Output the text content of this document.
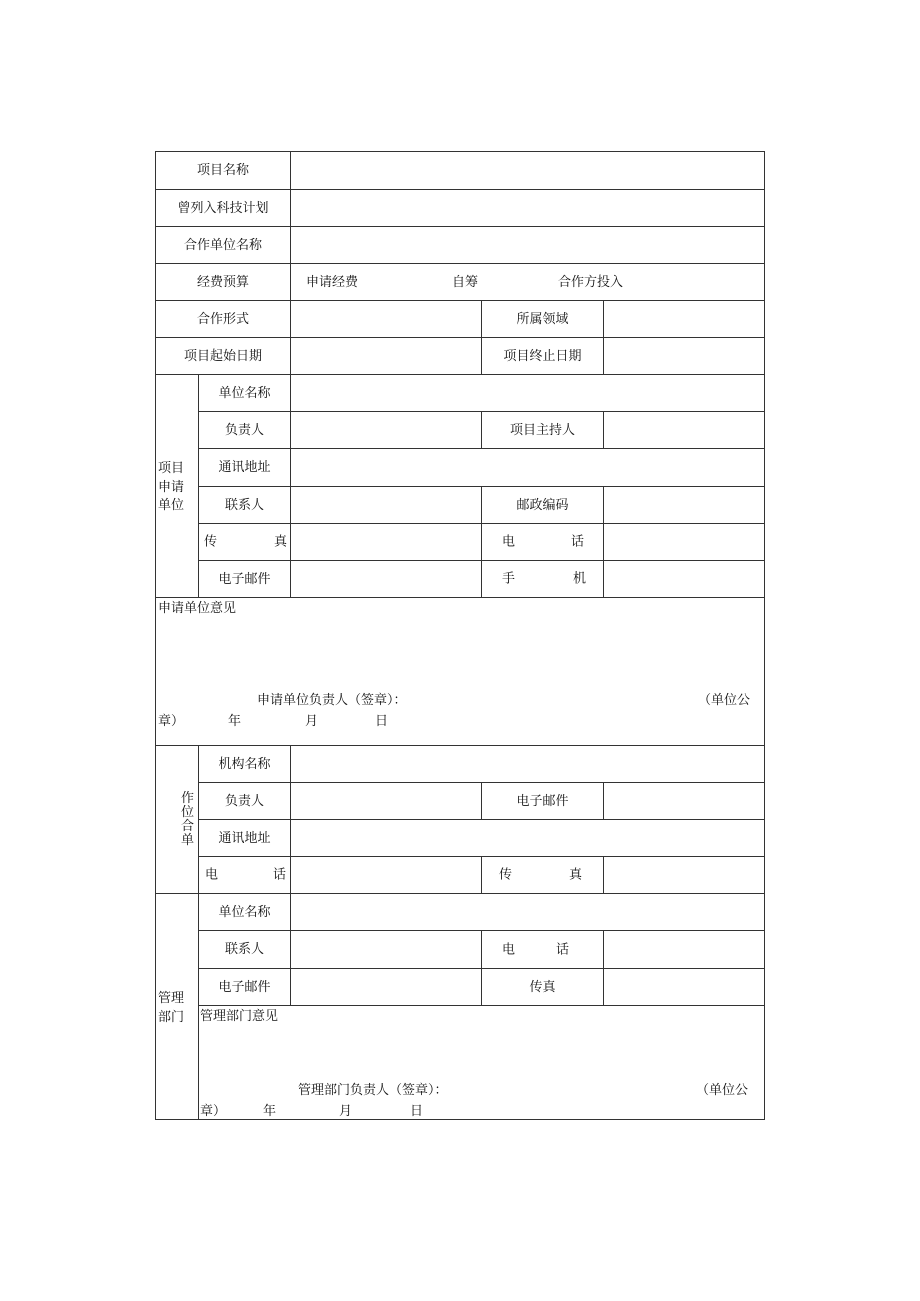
项目名称
曾列入科技计划
合作单位名称
经费预算	申请经费	自筹	合作方投入
合作形式	所属领域
项目起始日期	项目终止日期
项目
申请
单位
单位名称
负责人	项目主持人
通讯地址
联系人	邮政编码
传 真	电 话
电子邮件	手 机
申请单位意见
申请单位负责人（签章）：	（单位公
章）	年	月	日
作
位
合
单
机构名称
负责人	电子邮件
通讯地址
电 话	传 真
管理
部门
单位名称
联系人	电 话
电子邮件	传真
管理部门意见
管理部门负责人（签章）：	（单位公
章）	年	月	日
